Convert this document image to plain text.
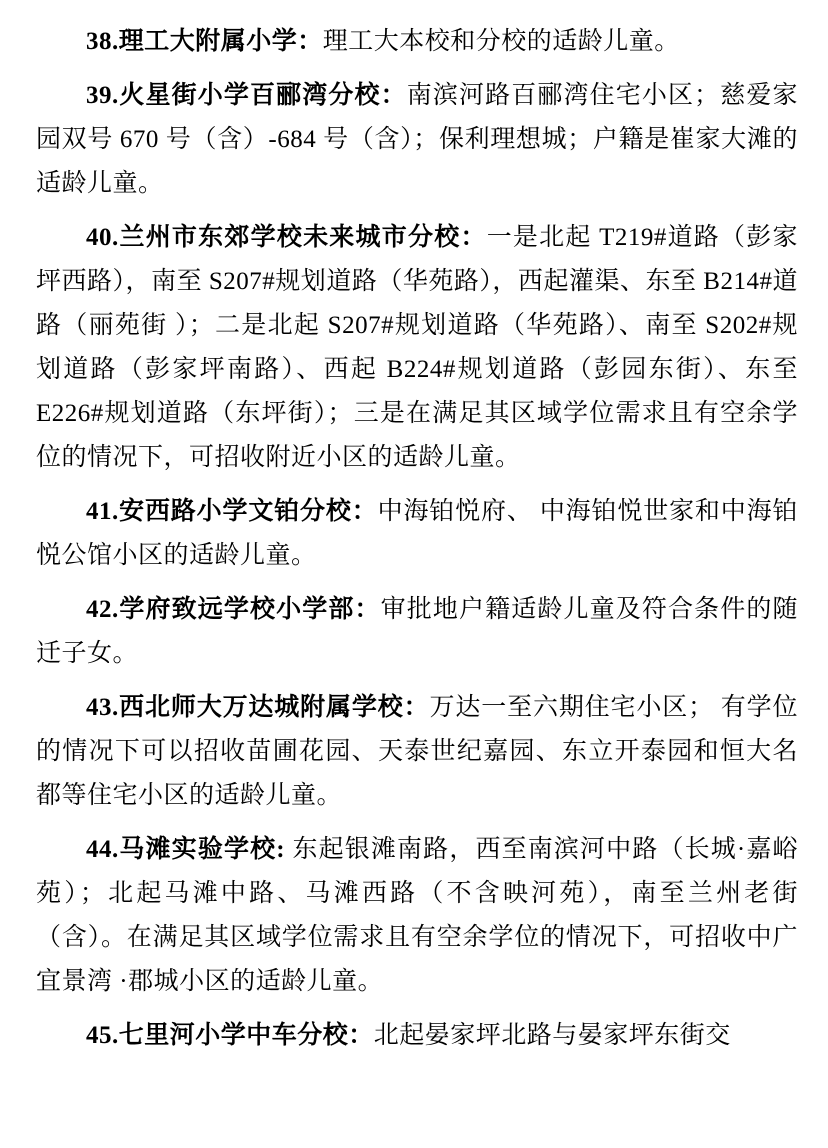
38.理工大附属小学：理工大本校和分校的适龄儿童。

39.火星街小学百郦湾分校：南滨河路百郦湾住宅小区；慈爱家园双号 670 号（含）-684 号（含）；保利理想城；户籍是崔家大滩的适龄儿童。

40.兰州市东郊学校未来城市分校：一是北起 T219#道路（彭家坪西路），南至 S207#规划道路（华苑路），西起灌渠、东至 B214#道路（丽苑街 ）；二是北起 S207#规划道路（华苑路）、南至 S202#规划道路（彭家坪南路）、西起 B224#规划道路（彭园东街）、东至 E226#规划道路（东坪街）；三是在满足其区域学位需求且有空余学位的情况下，可招收附近小区的适龄儿童。

41.安西路小学文铂分校：中海铂悦府、 中海铂悦世家和中海铂悦公馆小区的适龄儿童。

42.学府致远学校小学部：审批地户籍适龄儿童及符合条件的随迁子女。

43.西北师大万达城附属学校：万达一至六期住宅小区； 有学位的情况下可以招收苗圃花园、天泰世纪嘉园、东立开泰园和恒大名都等住宅小区的适龄儿童。

44.马滩实验学校: 东起银滩南路，西至南滨河中路（长城·嘉峪苑）；北起马滩中路、马滩西路（不含映河苑），南至兰州老街（含）。在满足其区域学位需求且有空余学位的情况下，可招收中广宜景湾 ·郡城小区的适龄儿童。

45.七里河小学中车分校：北起晏家坪北路与晏家坪东街交
